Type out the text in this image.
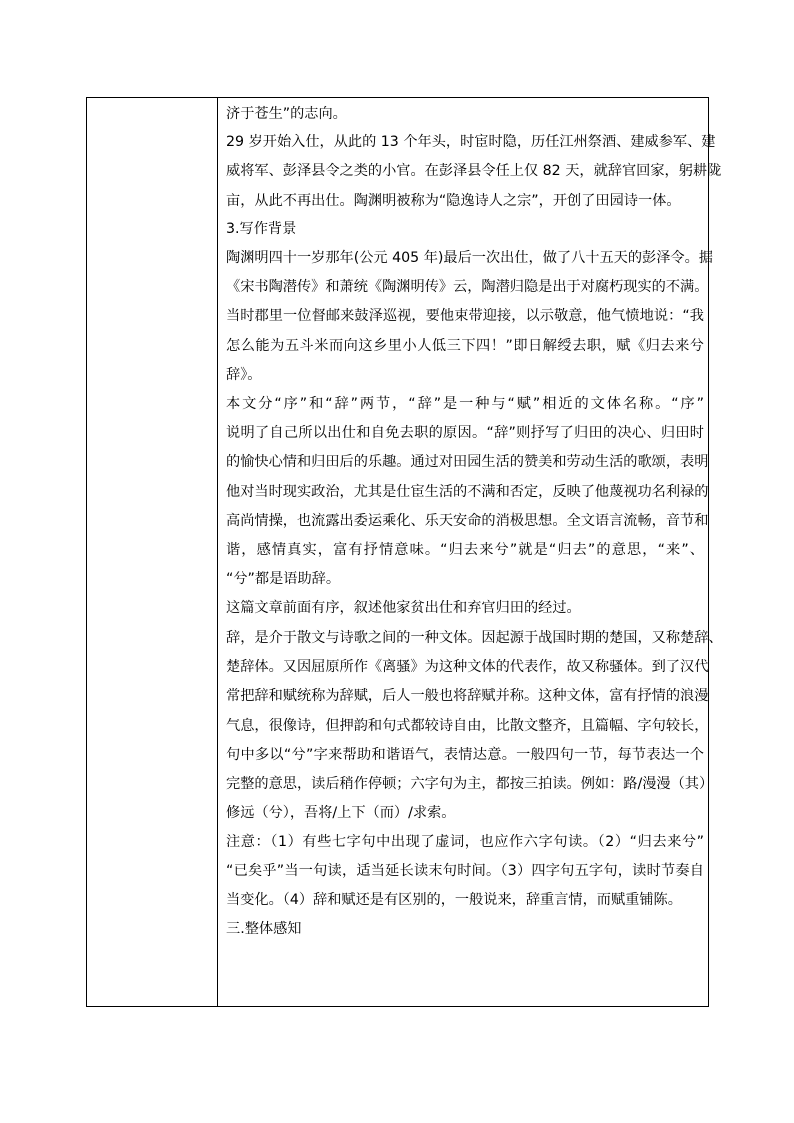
济于苍生”的志向。
29 岁开始入仕，从此的 13 个年头，时宦时隐，历任江州祭酒、建威参军、建
威将军、彭泽县令之类的小官。在彭泽县令任上仅 82 天，就辞官回家，躬耕陇
亩，从此不再出仕。陶渊明被称为“隐逸诗人之宗”，开创了田园诗一体。
3.写作背景
陶渊明四十一岁那年(公元 405 年)最后一次出仕，做了八十五天的彭泽令。据
《宋书陶潜传》和萧统《陶渊明传》云，陶潜归隐是出于对腐朽现实的不满。
当时郡里一位督邮来鼓泽巡视，要他束带迎接，以示敬意，他气愤地说：“我
怎么能为五斗米而向这乡里小人低三下四！”即日解绶去职，赋《归去来兮
辞》。
本文分“序”和“辞”两节，“辞”是一种与“赋”相近的文体名称。“序”
说明了自己所以出仕和自免去职的原因。“辞”则抒写了归田的决心、归田时
的愉快心情和归田后的乐趣。通过对田园生活的赞美和劳动生活的歌颂，表明
他对当时现实政治，尤其是仕宦生活的不满和否定，反映了他蔑视功名利禄的
高尚情操，也流露出委运乘化、乐天安命的消极思想。全文语言流畅，音节和
谐，感情真实，富有抒情意味。“归去来兮”就是“归去”的意思，“来”、
“兮”都是语助辞。
这篇文章前面有序，叙述他家贫出仕和弃官归田的经过。
辞，是介于散文与诗歌之间的一种文体。因起源于战国时期的楚国，又称楚辞、
楚辞体。又因屈原所作《离骚》为这种文体的代表作，故又称骚体。到了汉代
常把辞和赋统称为辞赋，后人一般也将辞赋并称。这种文体，富有抒情的浪漫
气息，很像诗，但押韵和句式都较诗自由，比散文整齐，且篇幅、字句较长，
句中多以“兮”字来帮助和谐语气，表情达意。一般四句一节，每节表达一个
完整的意思，读后稍作停顿；六字句为主，都按三拍读。例如：路/漫漫（其）
修远（兮），吾将/上下（而）/求索。
注意：（1）有些七字句中出现了虚词，也应作六字句读。（2）“归去来兮”
“已矣乎”当一句读，适当延长读末句时间。（3）四字句五字句，读时节奏自
当变化。（4）辞和赋还是有区别的，一般说来，辞重言情，而赋重铺陈。
三.整体感知
